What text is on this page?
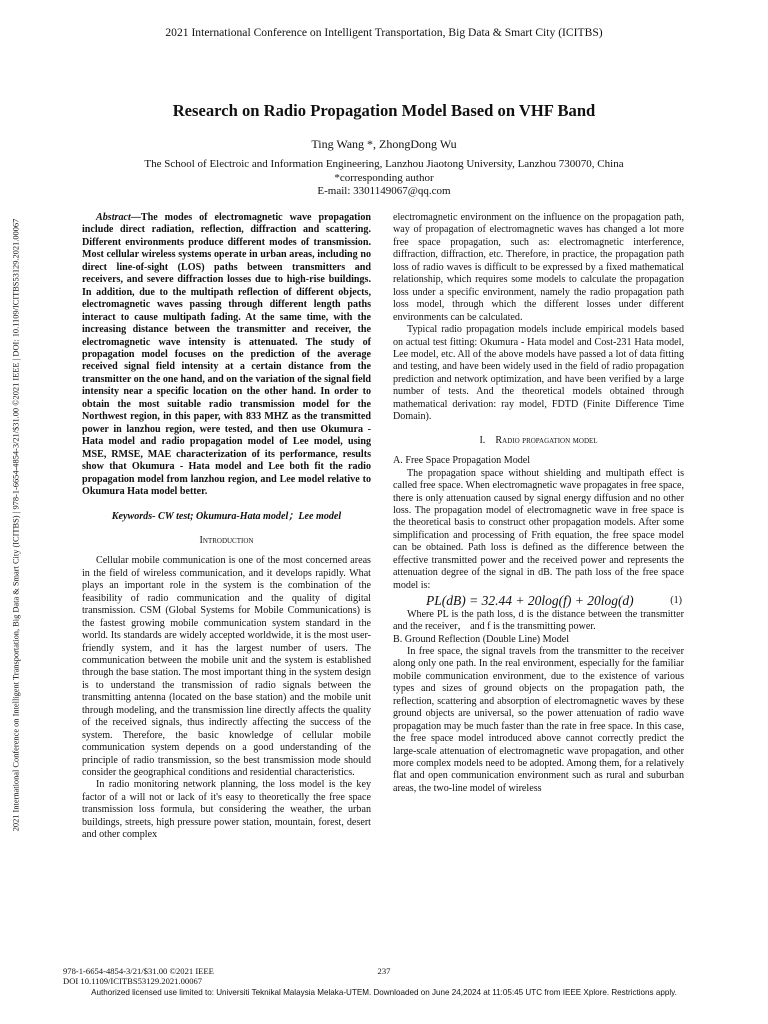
2021 International Conference on Intelligent Transportation, Big Data & Smart City (ICITBS)
2021 International Conference on Intelligent Transportation, Big Data & Smart City (ICITBS) | 978-1-6654-4854-3/21/$31.00 ©2021 IEEE | DOI: 10.1109/ICITBS53129.2021.00067
Research on Radio Propagation Model Based on VHF Band
Ting Wang *, ZhongDong Wu
The School of Electroic and Information Engineering, Lanzhou Jiaotong University, Lanzhou 730070, China
*corresponding author
E-mail: 3301149067@qq.com

Abstract—The modes of electromagnetic wave propagation include direct radiation, reflection, diffraction and scattering. Different environments produce different modes of transmission. Most cellular wireless systems operate in urban areas, including no direct line-of-sight (LOS) paths between transmitters and receivers, and severe diffraction losses due to high-rise buildings. In addition, due to the multipath reflection of different objects, electromagnetic waves passing through different length paths interact to cause multipath fading. At the same time, with the increasing distance between the transmitter and receiver, the electromagnetic wave intensity is attenuated. The study of propagation model focuses on the prediction of the average received signal field intensity at a certain distance from the transmitter on the one hand, and on the variation of the signal field intensity near a specific location on the other hand. In order to obtain the most suitable radio transmission model for the Northwest region, in this paper, with 833 MHZ as the transmitted power in lanzhou region, were tested, and then use Okumura - Hata model and radio propagation model of Lee model, using MSE, RMSE, MAE characterization of its performance, results show that Okumura - Hata model and Lee both fit the radio propagation model from lanzhou region, and Lee model relative to Okumura Hata model better.

Keywords- CW test; Okumura-Hata model；Lee model

Introduction

Cellular mobile communication is one of the most concerned areas in the field of wireless communication, and it develops rapidly. What plays an important role in the system is the combination of the feasibility of radio communication and the quality of digital transmission. CSM (Global Systems for Mobile Communications) is the fastest growing mobile communication system standard in the world. Its standards are widely accepted worldwide, it is the most user-friendly system, and it has the largest number of users. The communication between the mobile unit and the system is established through the base station. The most important thing in the system design is to understand the transmission of radio signals between the transmitting antenna (located on the base station) and the mobile unit through modeling, and the transmission line directly affects the quality of the received signals, thus indirectly affecting the success of the system. Therefore, the basic knowledge of cellular mobile communication system depends on a good understanding of the principle of radio transmission, so the best transmission mode should consider the geographical conditions and residential characteristics.

In radio monitoring network planning, the loss model is the key factor of a will not or lack of it's easy to theoretically the free space transmission loss formula, but considering the weather, the urban buildings, streets, high pressure power station, mountain, forest, desert and other complex

electromagnetic environment on the influence on the propagation path, way of propagation of electromagnetic waves has changed a lot more free space propagation, such as: electromagnetic interference, diffraction, diffraction, etc. Therefore, in practice, the propagation path loss of radio waves is difficult to be expressed by a fixed mathematical relationship, which requires some models to calculate the propagation loss under a specific environment, namely the radio propagation path loss model, through which the different losses under different environments can be calculated.

Typical radio propagation models include empirical models based on actual test fitting: Okumura - Hata model and Cost-231 Hata model, Lee model, etc. All of the above models have passed a lot of data fitting and testing, and have been widely used in the field of radio propagation prediction and network optimization, and have been verified by a large number of tests. And the theoretical models obtained through mathematical derivation: ray model, FDTD (Finite Difference Time Domain).

I. Radio propagation model

A. Free Space Propagation Model

The propagation space without shielding and multipath effect is called free space. When electromagnetic wave propagates in free space, there is only attenuation caused by signal energy diffusion and no other loss. The propagation model of electromagnetic wave in free space is the theoretical basis to construct other propagation models. After some simplification and processing of Frith equation, the free space model can be obtained. Path loss is defined as the difference between the effective transmitted power and the received power and represents the attenuation degree of the signal in dB. The path loss of the free space model is:

PL(dB) = 32.44 + 20log(f) + 20log(d)	(1)

Where PL is the path loss, d is the distance between the transmitter and the receiver， and f is the transmitting power.

B. Ground Reflection (Double Line) Model

In free space, the signal travels from the transmitter to the receiver along only one path. In the real environment, especially for the familiar mobile communication environment, due to the existence of various types and sizes of ground objects on the propagation path, the reflection, scattering and absorption of electromagnetic waves by these ground objects are universal, so the power attenuation of radio wave propagation may be much faster than the rate in free space. In this case, the free space model introduced above cannot correctly predict the large-scale attenuation of electromagnetic wave propagation, and other more complex models need to be adopted. Among them, for a relatively flat and open communication environment such as rural and suburban areas, the two-line model of wireless

978-1-6654-4854-3/21/$31.00 ©2021 IEEE
DOI 10.1109/ICITBS53129.2021.00067
237
Authorized licensed use limited to: Universiti Teknikal Malaysia Melaka-UTEM. Downloaded on June 24,2024 at 11:05:45 UTC from IEEE Xplore. Restrictions apply.
